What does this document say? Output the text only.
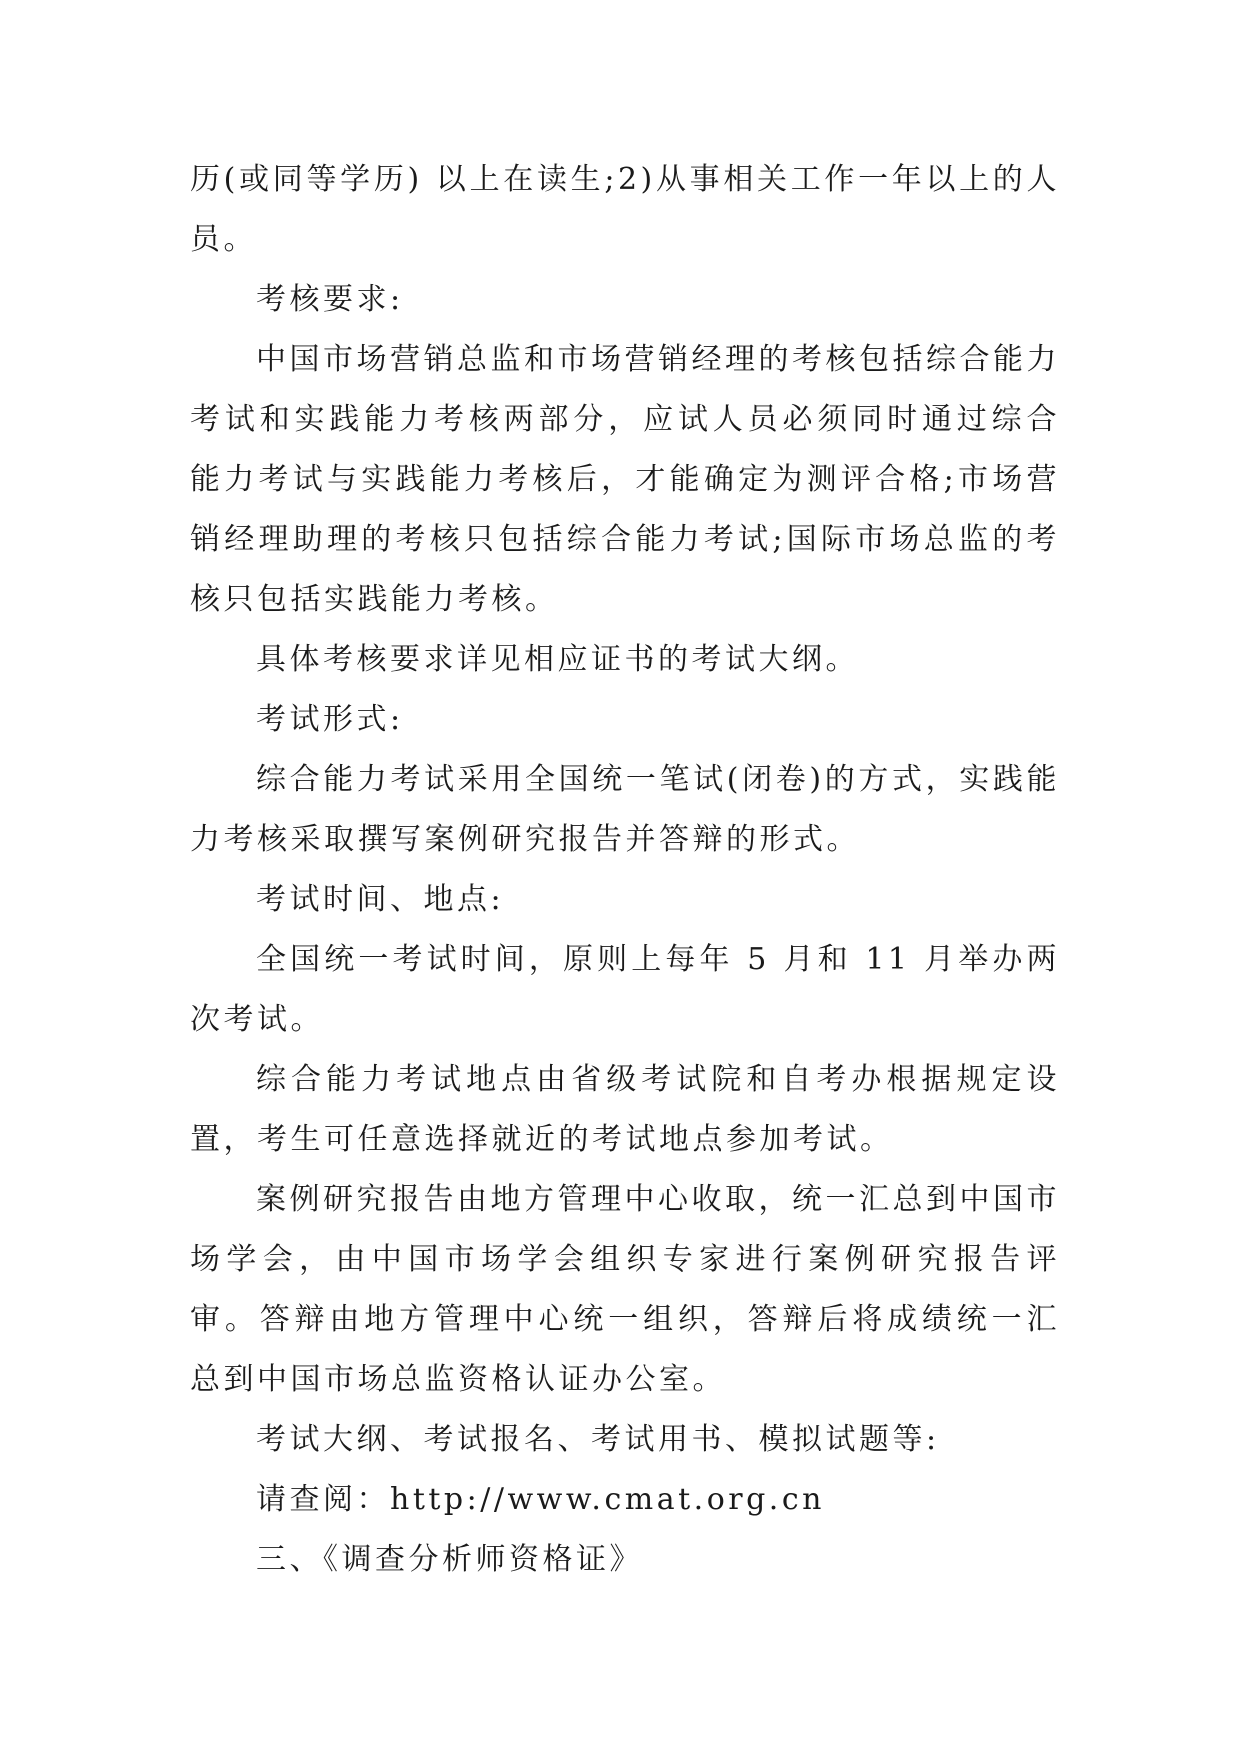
历(或同等学历) 以上在读生;2)从事相关工作一年以上的人员。

考核要求:

中国市场营销总监和市场营销经理的考核包括综合能力考试和实践能力考核两部分，应试人员必须同时通过综合能力考试与实践能力考核后，才能确定为测评合格;市场营销经理助理的考核只包括综合能力考试;国际市场总监的考核只包括实践能力考核。

具体考核要求详见相应证书的考试大纲。

考试形式:

综合能力考试采用全国统一笔试(闭卷)的方式，实践能力考核采取撰写案例研究报告并答辩的形式。

考试时间、地点:

全国统一考试时间，原则上每年 5 月和 11 月举办两次考试。

综合能力考试地点由省级考试院和自考办根据规定设置，考生可任意选择就近的考试地点参加考试。

案例研究报告由地方管理中心收取，统一汇总到中国市场学会，由中国市场学会组织专家进行案例研究报告评审。答辩由地方管理中心统一组织，答辩后将成绩统一汇总到中国市场总监资格认证办公室。

考试大纲、考试报名、考试用书、模拟试题等:

请查阅：http://www.cmat.org.cn

三、《调查分析师资格证》
